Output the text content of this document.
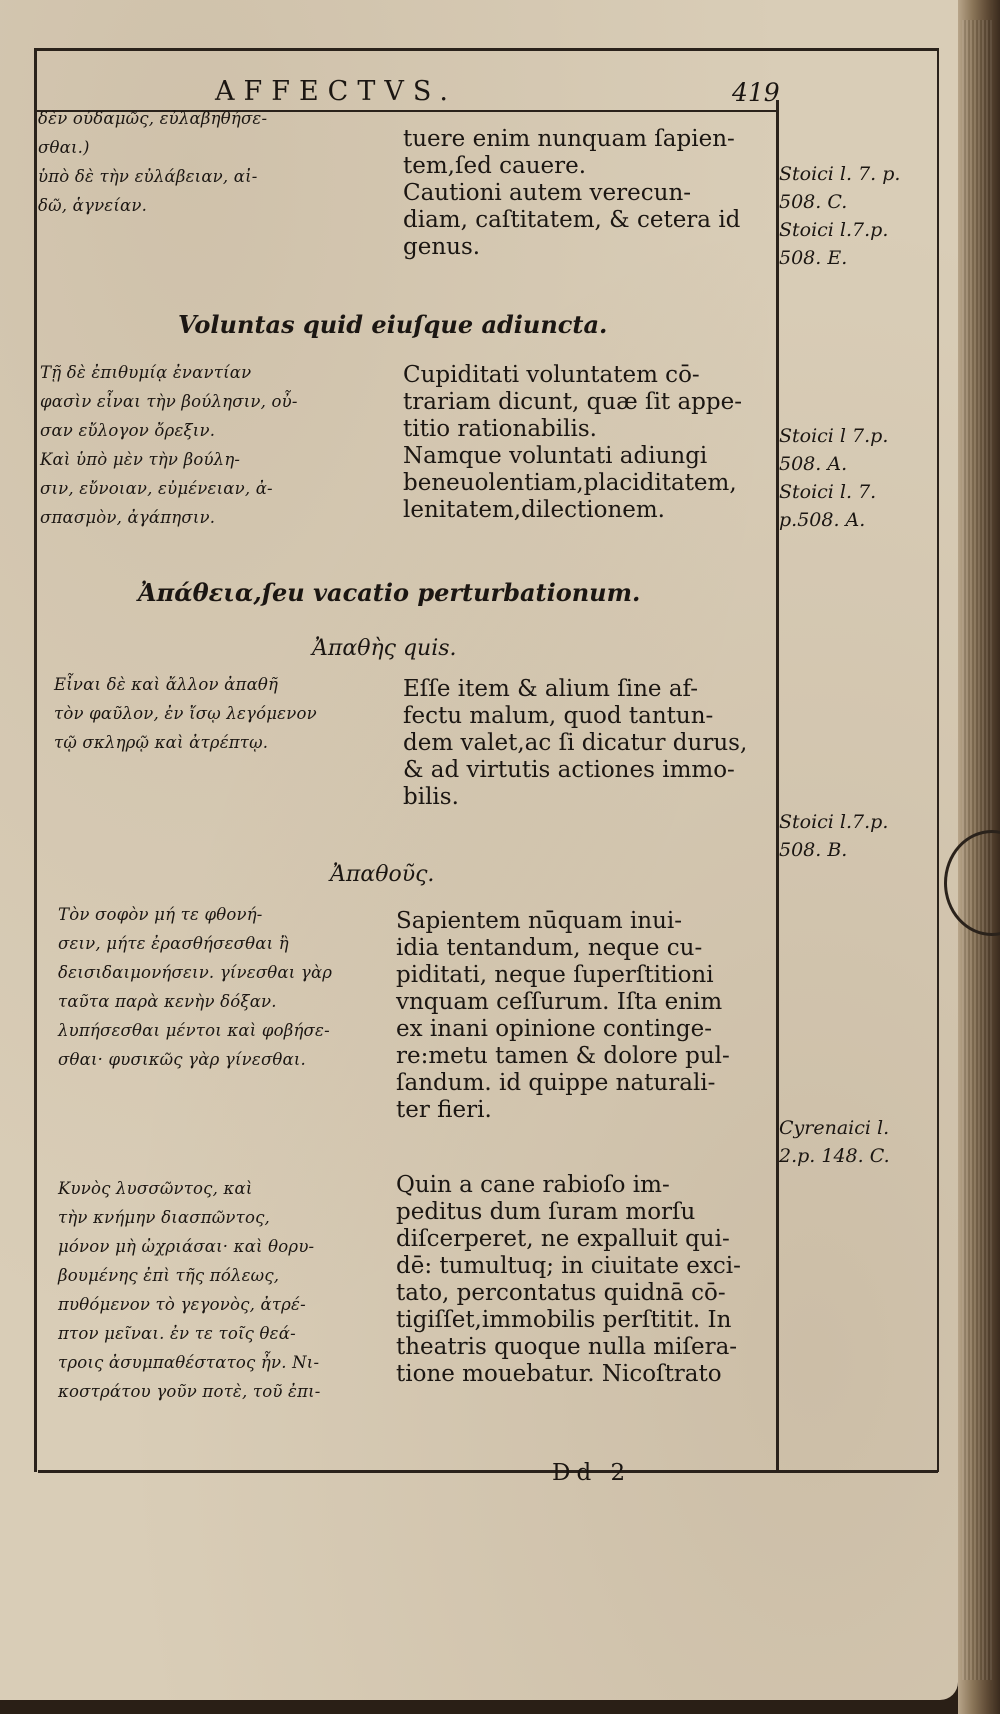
AFFECTVS.	419
δὲν οὐδαμῶς, εὐλαβηθήσε-
σθαι.)
ὑπὸ δὲ τὴν εὐλάβειαν, αἰ-
δῶ, ἁγνείαν.
tuere enim nunquam ſapien-
tem,ſed cauere.
Cautioni autem verecun-
diam, caſtitatem, & cetera id
genus.
Stoici l. 7. p.
508. C.
Stoici l.7.p.
508. E.
Voluntas quid eiuſque adiuncta.
Τῇ δὲ ἐπιθυμίᾳ ἐναντίαν
φασὶν εἶναι τὴν βούλησιν, οὖ-
σαν εὔλογον ὄρεξιν.
Καὶ ὑπὸ μὲν τὴν βούλη-
σιν, εὔνοιαν, εὐμένειαν, ἀ-
σπασμὸν, ἀγάπησιν.
Cupiditati voluntatem cō-
trariam dicunt, quæ ſit appe-
titio rationabilis.
Namque voluntati adiungi
beneuolentiam,placiditatem,
lenitatem,dilectionem.
Stoici l 7.p.
508. A.
Stoici l. 7.
p.508. A.
Ἀπάθεια,ſeu vacatio perturbationum.
Ἀπαθὴς quis.
Εἶναι δὲ καὶ ἄλλον ἀπαθῆ
τὸν φαῦλον, ἐν ἴσῳ λεγόμενον
τῷ σκληρῷ καὶ ἀτρέπτῳ.
Eſſe item & alium ſine af-
fectu malum, quod tantun-
dem valet,ac ſi dicatur durus,
& ad virtutis actiones immo-
bilis.
Stoici l.7.p.
508. B.
Ἀπαθοῦς.
Τὸν σοφὸν μή τε φθονή-
σειν, μήτε ἐρασθήσεσθαι ἢ
δεισιδαιμονήσειν. γίνεσθαι γὰρ
ταῦτα παρὰ κενὴν δόξαν.
λυπήσεσθαι μέντοι καὶ φοβήσε-
σθαι· φυσικῶς γὰρ γίνεσθαι.
Sapientem nūquam inui-
idia tentandum, neque cu-
piditati, neque ſuperſtitioni
vnquam ceſſurum. Iſta enim
ex inani opinione continge-
re:metu tamen & dolore pul-
ſandum. id quippe naturali-
ter fieri.
Cyrenaici l.
2.p. 148. C.
Κυνὸς λυσσῶντος, καὶ
τὴν κνήμην διασπῶντος,
μόνον μὴ ὠχριάσαι· καὶ θορυ-
βουμένης ἐπὶ τῆς πόλεως,
πυθόμενον τὸ γεγονὸς, ἀτρέ-
πτον μεῖναι. ἐν τε τοῖς θεά-
τροις ἀσυμπαθέστατος ἦν. Νι-
κοστράτου γοῦν ποτὲ, τοῦ ἐπι-
Quin a cane rabioſo im-
peditus dum ſuram morſu
diſcerperet, ne expalluit qui-
dē: tumultuq; in ciuitate exci-
tato, percontatus quidnā cō-
tigiſſet,immobilis perſtitit. In
theatris quoque nulla miſera-
tione mouebatur. Nicoſtrato
Dd 2
